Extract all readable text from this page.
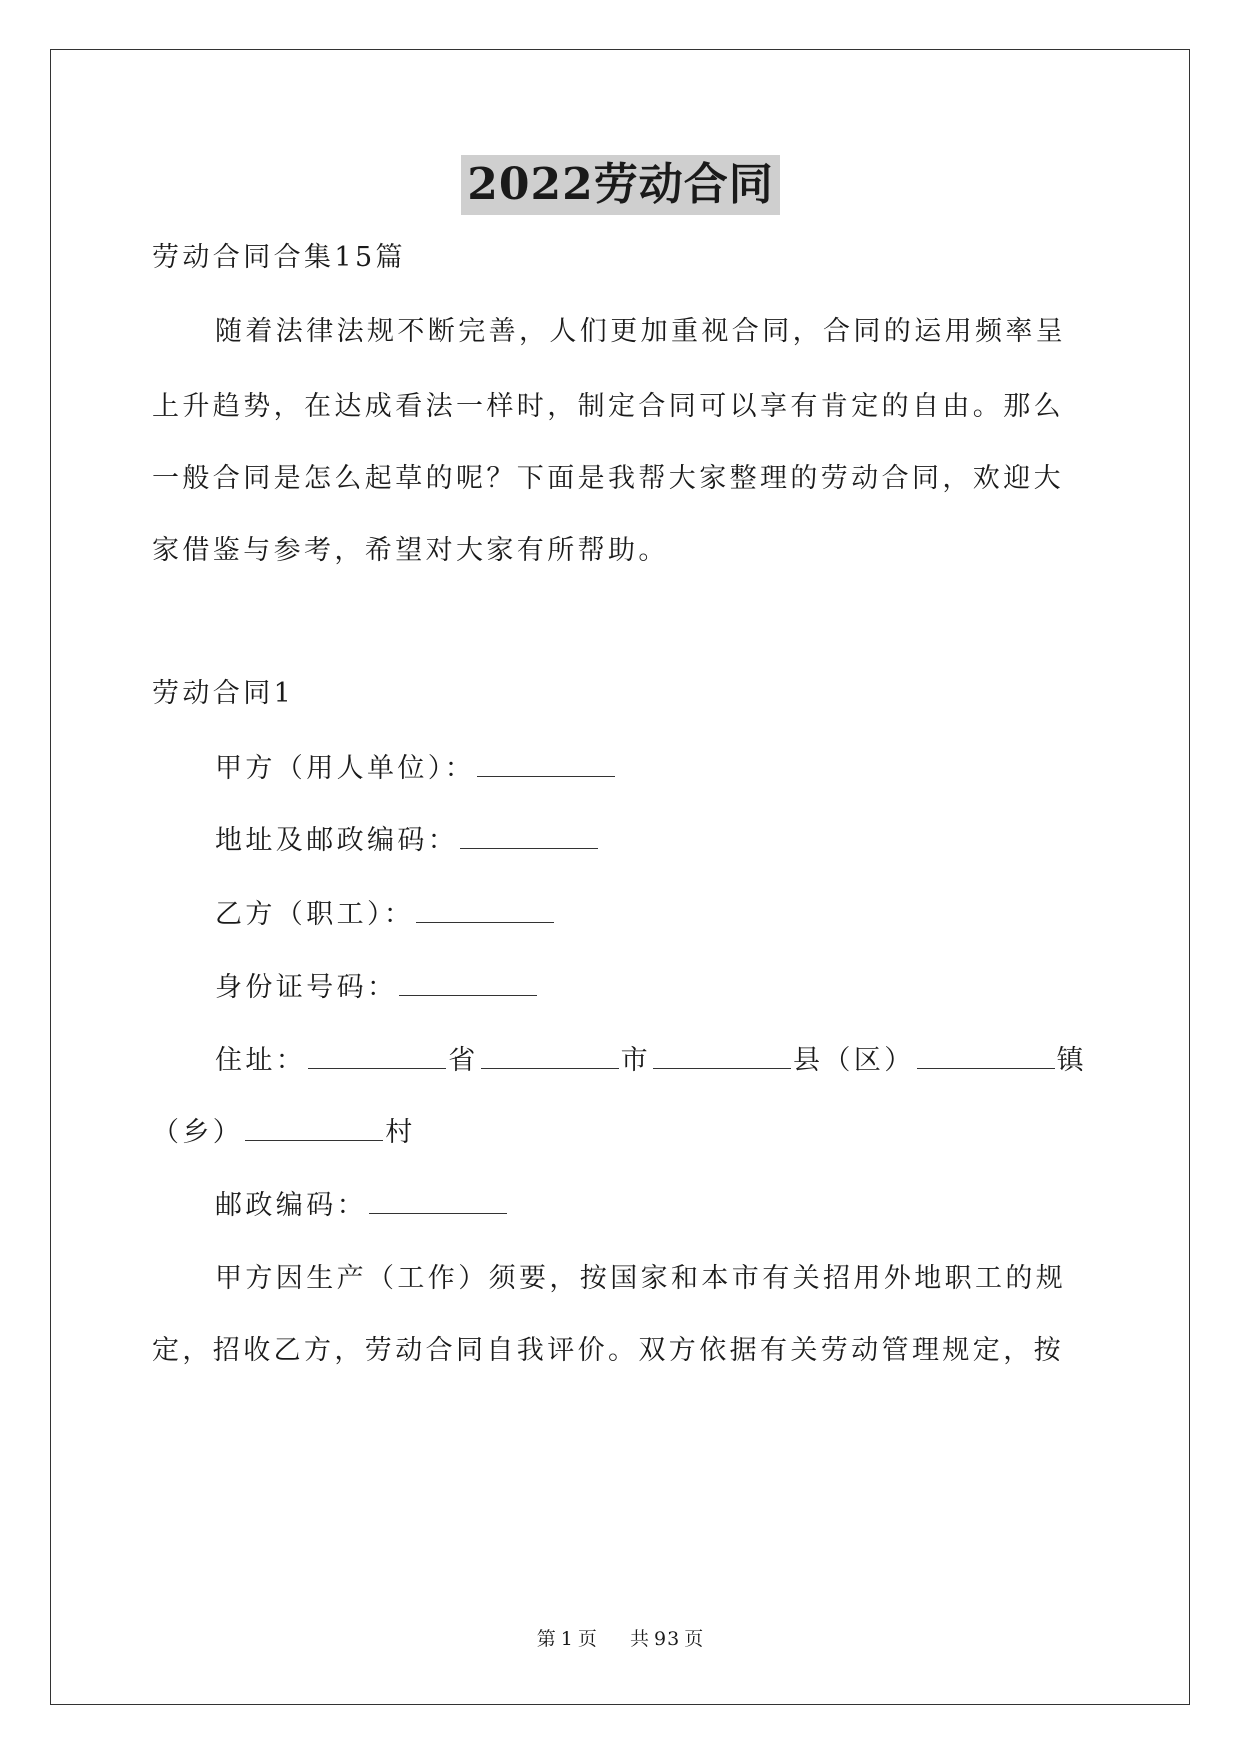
2022劳动合同
劳动合同合集15篇
随着法律法规不断完善，人们更加重视合同，合同的运用频率呈
上升趋势，在达成看法一样时，制定合同可以享有肯定的自由。那么
一般合同是怎么起草的呢？下面是我帮大家整理的劳动合同，欢迎大
家借鉴与参考，希望对大家有所帮助。
劳动合同1
甲方（用人单位）：
地址及邮政编码：
乙方（职工）：
身份证号码：
住址：	省	市	县（区）	镇
（乡）	村
邮政编码：
甲方因生产（工作）须要，按国家和本市有关招用外地职工的规
定，招收乙方，劳动合同自我评价。双方依据有关劳动管理规定，按
第 1 页 共 93 页
